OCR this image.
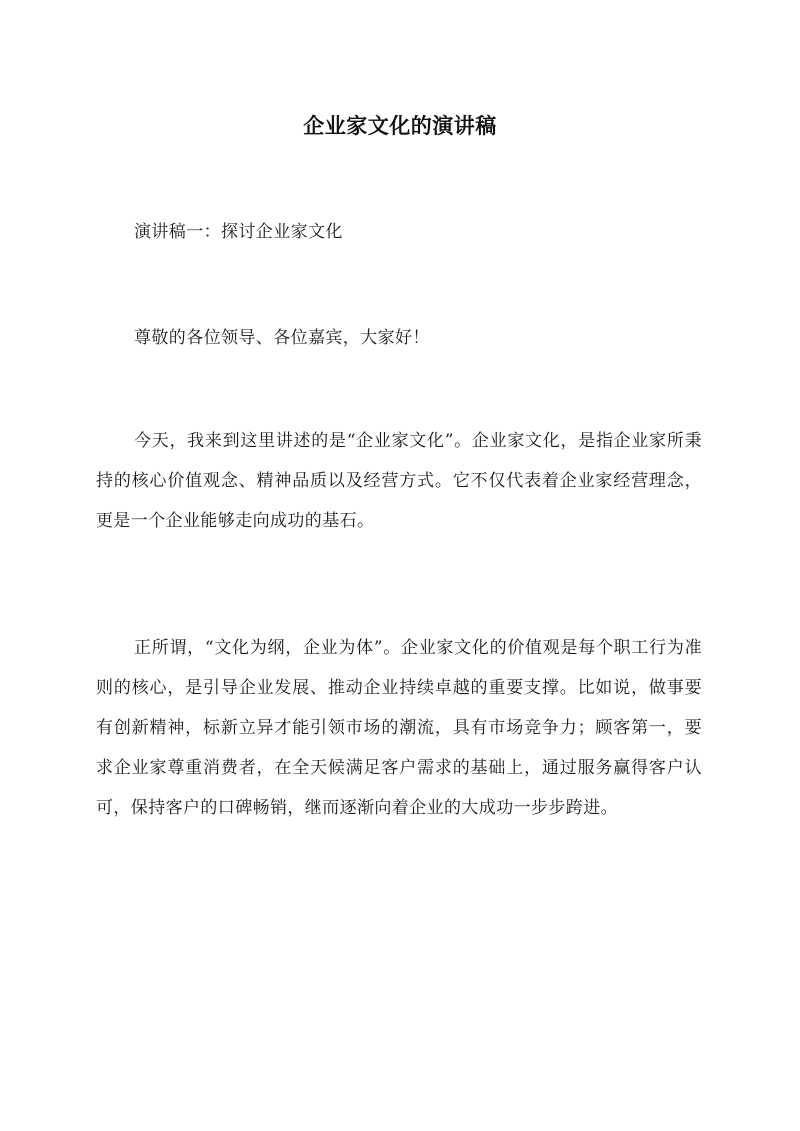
企业家文化的演讲稿

演讲稿一：探讨企业家文化

尊敬的各位领导、各位嘉宾，大家好！

今天，我来到这里讲述的是“企业家文化”。企业家文化，是指企业家所秉持的核心价值观念、精神品质以及经营方式。它不仅代表着企业家经营理念，更是一个企业能够走向成功的基石。

正所谓，“文化为纲，企业为体”。企业家文化的价值观是每个职工行为准则的核心，是引导企业发展、推动企业持续卓越的重要支撑。比如说，做事要有创新精神，标新立异才能引领市场的潮流，具有市场竞争力；顾客第一，要求企业家尊重消费者，在全天候满足客户需求的基础上，通过服务赢得客户认可，保持客户的口碑畅销，继而逐渐向着企业的大成功一步步跨进。
